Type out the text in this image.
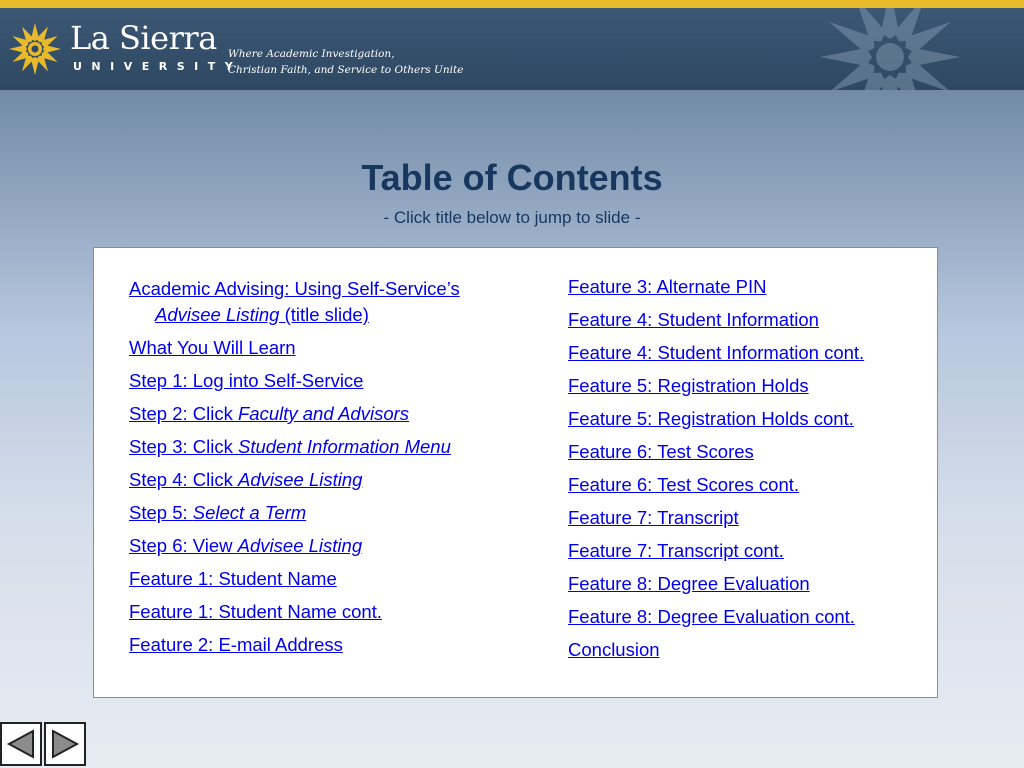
La Sierra
UNIVERSITY
Where Academic Investigation,
Christian Faith, and Service to Others Unite
Table of Contents
- Click title below to jump to slide -
Academic Advising: Using Self-Service’s Advisee Listing (title slide)
What You Will Learn
Step 1: Log into Self-Service
Step 2: Click Faculty and Advisors
Step 3: Click Student Information Menu
Step 4: Click Advisee Listing
Step 5: Select a Term
Step 6: View Advisee Listing
Feature 1: Student Name
Feature 1: Student Name cont.
Feature 2: E-mail Address
Feature 3: Alternate PIN
Feature 4: Student Information
Feature 4: Student Information cont.
Feature 5: Registration Holds
Feature 5: Registration Holds cont.
Feature 6: Test Scores
Feature 6: Test Scores cont.
Feature 7: Transcript
Feature 7: Transcript cont.
Feature 8: Degree Evaluation
Feature 8: Degree Evaluation cont.
Conclusion
